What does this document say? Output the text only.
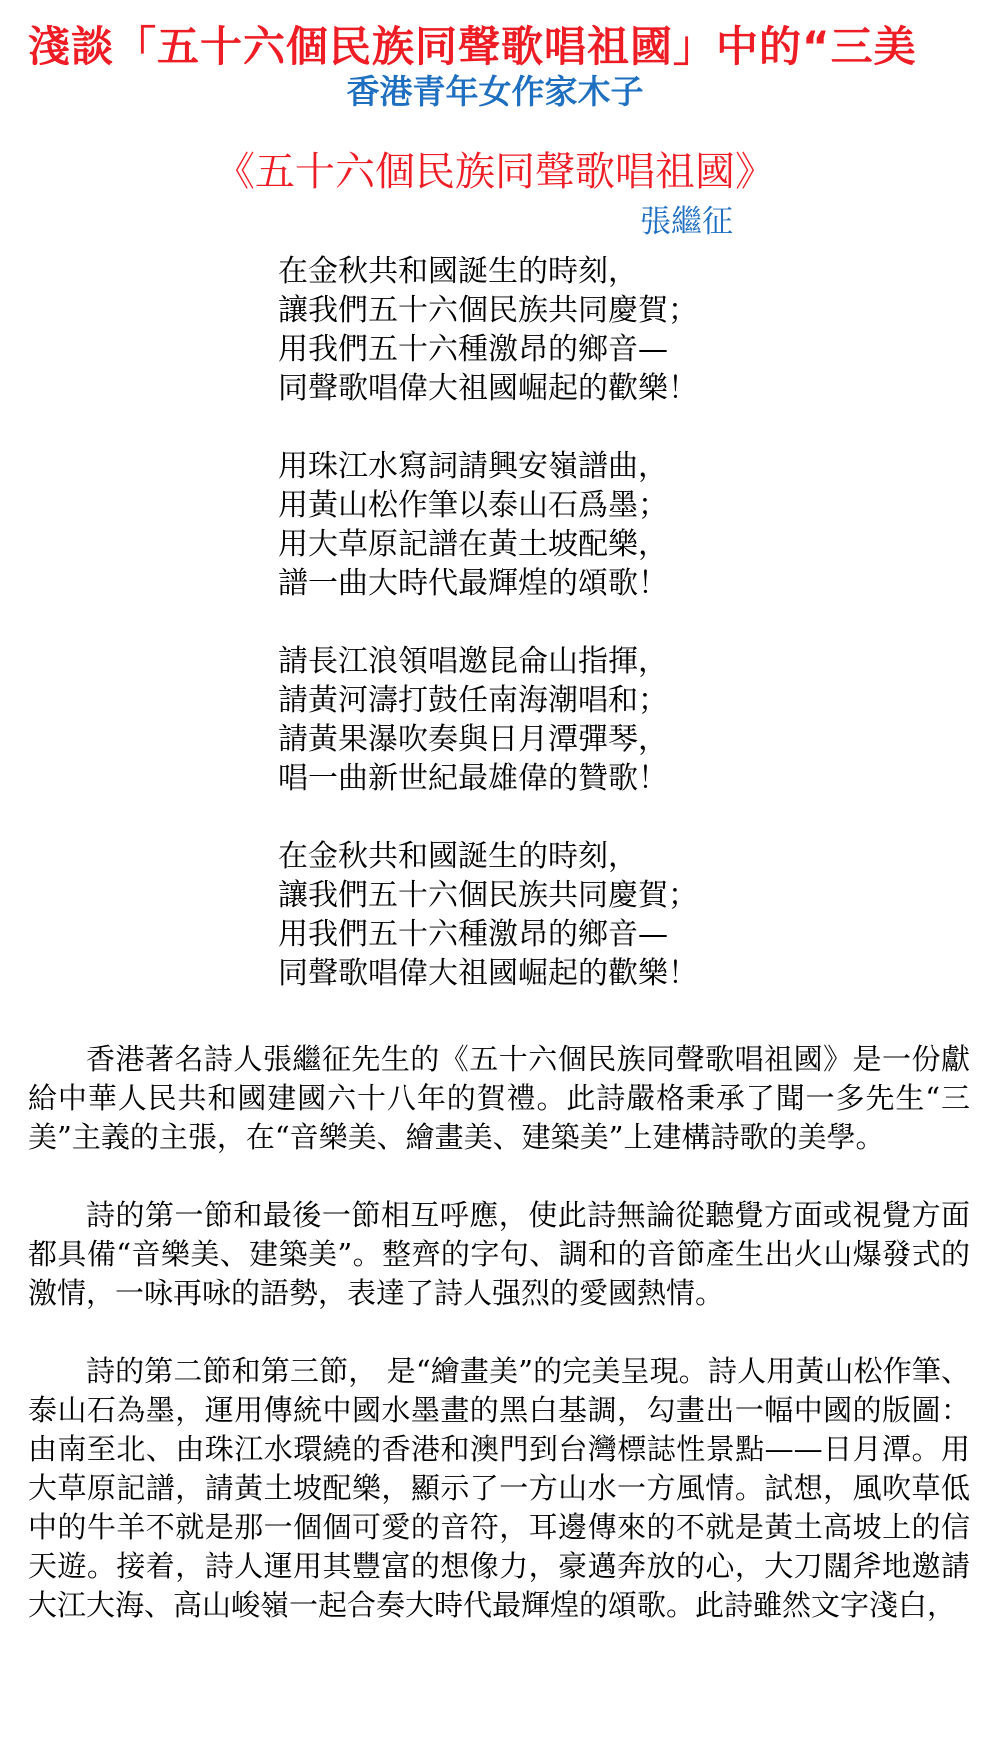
淺談「五十六個民族同聲歌唱祖國」中的“三美
香港青年女作家木子
《五十六個民族同聲歌唱祖國》
張繼征
在金秋共和國誕生的時刻，
讓我們五十六個民族共同慶賀；
用我們五十六種激昂的鄉音—
同聲歌唱偉大祖國崛起的歡樂！
用珠江水寫詞請興安嶺譜曲，
用黃山松作筆以泰山石爲墨；
用大草原記譜在黃土坡配樂，
譜一曲大時代最輝煌的頌歌！
請長江浪領唱邀昆侖山指揮，
請黃河濤打鼓任南海潮唱和；
請黃果瀑吹奏與日月潭彈琴，
唱一曲新世紀最雄偉的贊歌！
在金秋共和國誕生的時刻，
讓我們五十六個民族共同慶賀；
用我們五十六種激昂的鄉音—
同聲歌唱偉大祖國崛起的歡樂！

香港著名詩人張繼征先生的《五十六個民族同聲歌唱祖國》是一份獻給中華人民共和國建國六十八年的賀禮。此詩嚴格秉承了聞一多先生“三美”主義的主張，在“音樂美、繪畫美、建築美”上建構詩歌的美學。

詩的第一節和最後一節相互呼應，使此詩無論從聽覺方面或視覺方面都具備“音樂美、建築美”。整齊的字句、調和的音節產生出火山爆發式的激情，一咏再咏的語勢，表達了詩人强烈的愛國熱情。

詩的第二節和第三節， 是“繪畫美”的完美呈現。詩人用黃山松作筆、泰山石為墨，運用傳統中國水墨畫的黑白基調，勾畫出一幅中國的版圖：由南至北、由珠江水環繞的香港和澳門到台灣標誌性景點——日月潭。用大草原記譜，請黃土坡配樂，顯示了一方山水一方風情。試想，風吹草低中的牛羊不就是那一個個可愛的音符，耳邊傳來的不就是黃土高坡上的信天遊。接着，詩人運用其豐富的想像力，豪邁奔放的心，大刀闊斧地邀請大江大海、高山峻嶺一起合奏大時代最輝煌的頌歌。此詩雖然文字淺白，
